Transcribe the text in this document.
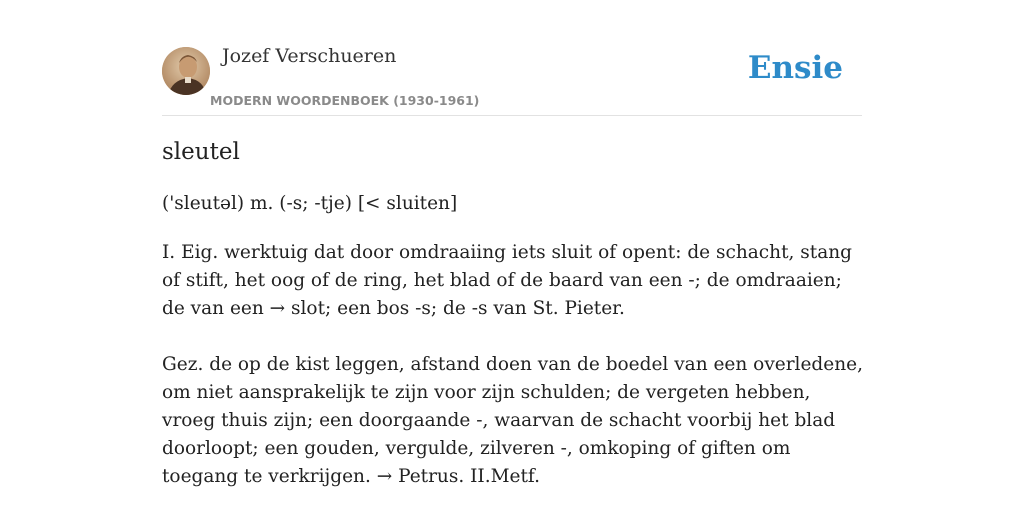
Jozef Verschueren
MODERN WOORDENBOEK (1930-1961)
Ensie
sleutel
('sleutəl) m. (-s; -tje) [< sluiten]

I. Eig. werktuig dat door omdraaiing iets sluit of opent: de schacht, stang of stift, het oog of de ring, het blad of de baard van een -; de omdraaien; de van een → slot; een bos -s; de -s van St. Pieter.

Gez. de op de kist leggen, afstand doen van de boedel van een overledene, om niet aansprakelijk te zijn voor zijn schulden; de vergeten hebben, vroeg thuis zijn; een doorgaande -, waarvan de schacht voorbij het blad doorloopt; een gouden, vergulde, zilveren -, omkoping of giften om toegang te verkrijgen. → Petrus. II.Metf.
